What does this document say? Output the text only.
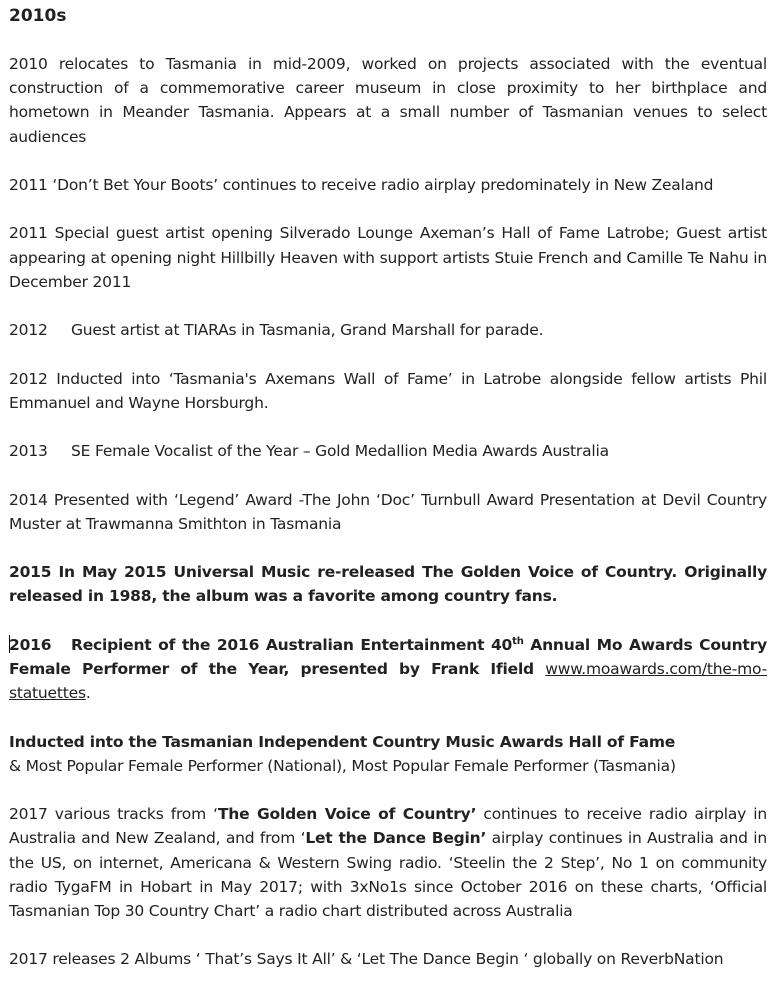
2010s

2010 relocates to Tasmania in mid-2009, worked on projects associated with the eventual construction of a commemorative career museum in close proximity to her birthplace and hometown in Meander Tasmania. Appears at a small number of Tasmanian venues to select audiences

2011 ‘Don’t Bet Your Boots’ continues to receive radio airplay predominately in New Zealand

2011 Special guest artist opening Silverado Lounge Axeman’s Hall of Fame Latrobe; Guest artist appearing at opening night Hillbilly Heaven with support artists Stuie French and Camille Te Nahu in December 2011

2012 Guest artist at TIARAs in Tasmania, Grand Marshall for parade.

2012 Inducted into ‘Tasmania's Axemans Wall of Fame’ in Latrobe alongside fellow artists Phil Emmanuel and Wayne Horsburgh.

2013 SE Female Vocalist of the Year – Gold Medallion Media Awards Australia

2014 Presented with ‘Legend’ Award -The John ‘Doc’ Turnbull Award Presentation at Devil Country Muster at Trawmanna Smithton in Tasmania

2015 In May 2015 Universal Music re-released The Golden Voice of Country. Originally released in 1988, the album was a favorite among country fans.

2016 Recipient of the 2016 Australian Entertainment 40th Annual Mo Awards Country Female Performer of the Year, presented by Frank Ifield www.moawards.com/the-mo-statuettes.

Inducted into the Tasmanian Independent Country Music Awards Hall of Fame
& Most Popular Female Performer (National), Most Popular Female Performer (Tasmania)

2017 various tracks from ‘The Golden Voice of Country’ continues to receive radio airplay in Australia and New Zealand, and from ‘Let the Dance Begin’ airplay continues in Australia and in the US, on internet, Americana & Western Swing radio. ‘Steelin the 2 Step’, No 1 on community radio TygaFM in Hobart in May 2017; with 3xNo1s since October 2016 on these charts, ‘Official Tasmanian Top 30 Country Chart’ a radio chart distributed across Australia

2017 releases 2 Albums ‘ That’s Says It All’ & ‘Let The Dance Begin ‘ globally on ReverbNation
